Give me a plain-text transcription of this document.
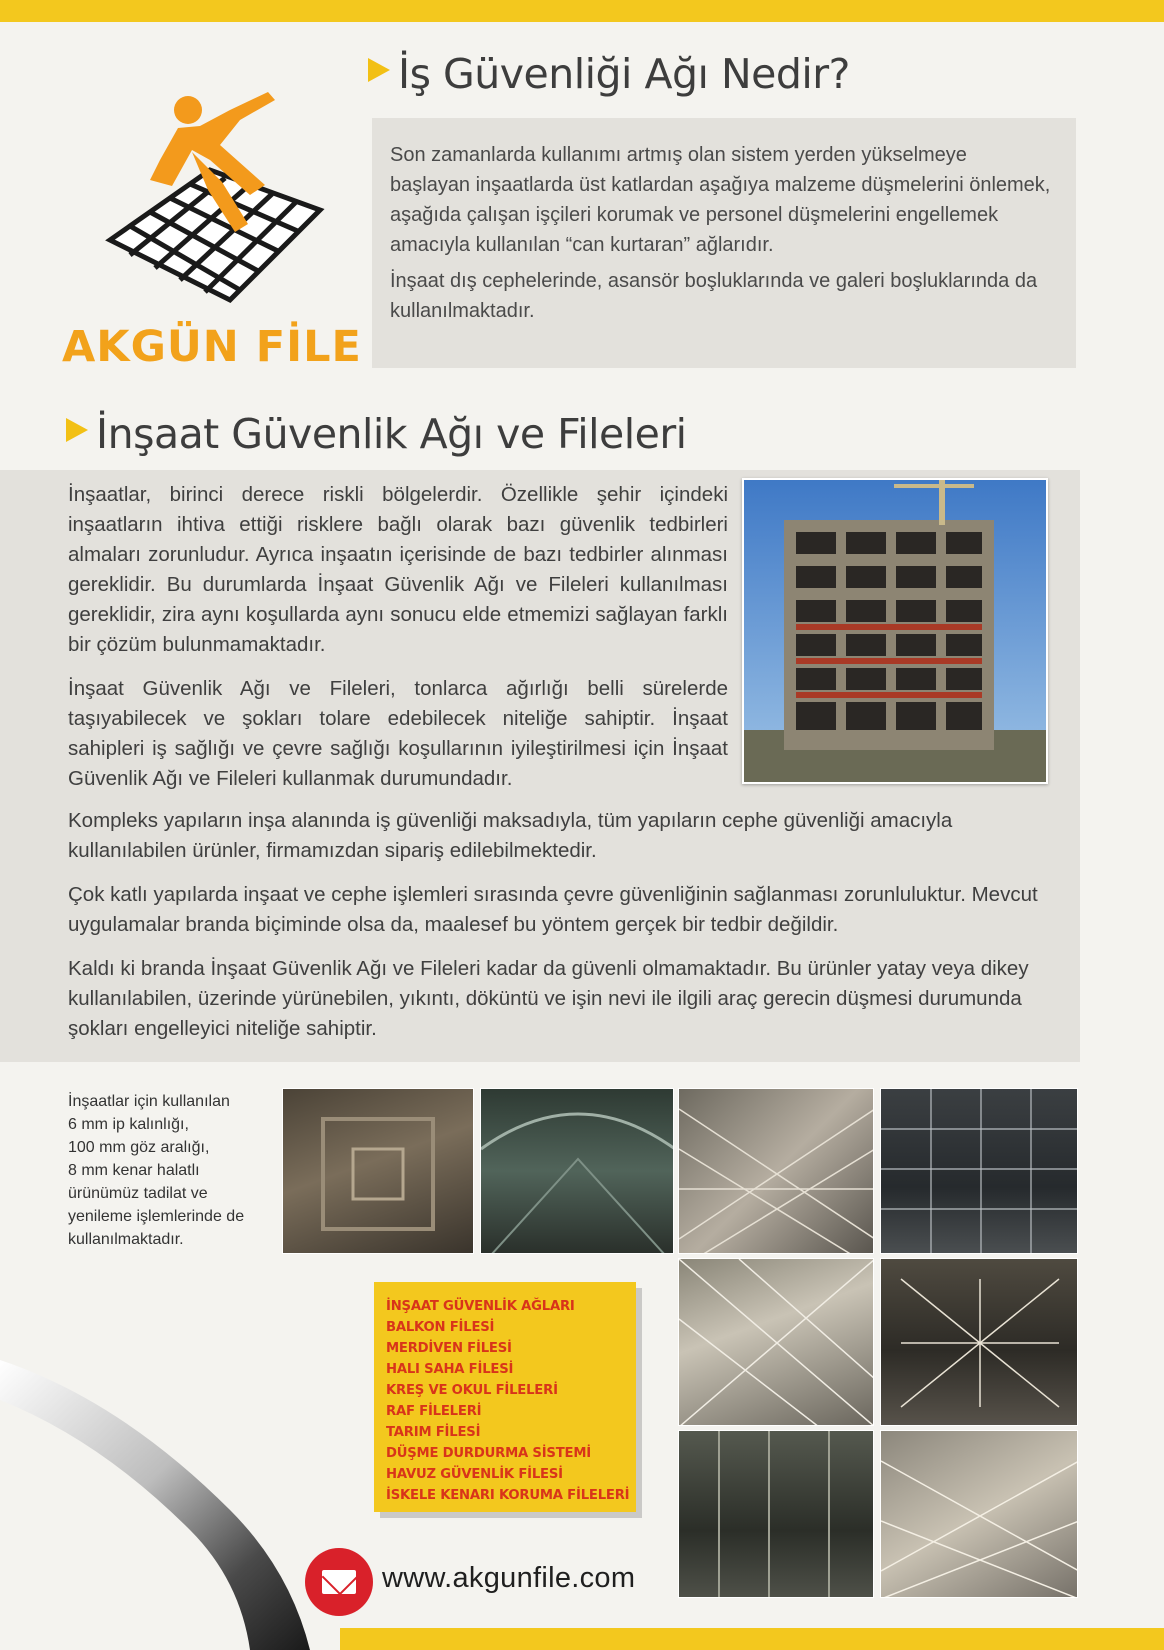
AKGÜN FİLE
İş Güvenliği Ağı Nedir?

Son zamanlarda kullanımı artmış olan sistem yerden yükselmeye başlayan inşaatlarda üst katlardan aşağıya malzeme düşmelerini önlemek, aşağıda çalışan işçileri korumak ve personel düşmelerini engellemek amacıyla kullanılan “can kurtaran” ağlarıdır.

İnşaat dış cephelerinde, asansör boşluklarında ve galeri boşluklarında da kullanılmaktadır.

İnşaat Güvenlik Ağı ve Fileleri

İnşaatlar, birinci derece riskli bölgelerdir. Özellikle şehir içindeki inşaatların ihtiva ettiği risklere bağlı olarak bazı güvenlik tedbirleri almaları zorunludur. Ayrıca inşaatın içerisinde de bazı tedbirler alınması gereklidir. Bu durumlarda İnşaat Güvenlik Ağı ve Fileleri kullanılması gereklidir, zira aynı koşullarda aynı sonucu elde etmemizi sağlayan farklı bir çözüm bulunmamaktadır.

İnşaat Güvenlik Ağı ve Fileleri, tonlarca ağırlığı belli sürelerde taşıyabilecek ve şokları tolare edebilecek niteliğe sahiptir. İnşaat sahipleri iş sağlığı ve çevre sağlığı koşullarının iyileştirilmesi için İnşaat Güvenlik Ağı ve Fileleri kullanmak durumundadır.

Kompleks yapıların inşa alanında iş güvenliği maksadıyla, tüm yapıların cephe güvenliği amacıyla kullanılabilen ürünler, firmamızdan sipariş edilebilmektedir.

Çok katlı yapılarda inşaat ve cephe işlemleri sırasında çevre güvenliğinin sağlanması zorunluluktur. Mevcut uygulamalar branda biçiminde olsa da, maalesef bu yöntem gerçek bir tedbir değildir.

Kaldı ki branda İnşaat Güvenlik Ağı ve Fileleri kadar da güvenli olmamaktadır. Bu ürünler yatay veya dikey kullanılabilen, üzerinde yürünebilen, yıkıntı, döküntü ve işin nevi ile ilgili araç gerecin düşmesi durumunda şokları engelleyici niteliğe sahiptir.

İnşaatlar için kullanılan
6 mm ip kalınlığı,
100 mm göz aralığı,
8 mm kenar halatlı
ürünümüz tadilat ve
yenileme işlemlerinde de
kullanılmaktadır.
İNŞAAT GÜVENLİK AĞLARI
BALKON FİLESİ
MERDİVEN FİLESİ
HALI SAHA FİLESİ
KREŞ VE OKUL FİLELERİ
RAF FİLELERİ
TARIM FİLESİ
DÜŞME DURDURMA SİSTEMİ
HAVUZ GÜVENLİK FİLESİ
İSKELE KENARI KORUMA FİLELERİ
www.akgunfile.com
